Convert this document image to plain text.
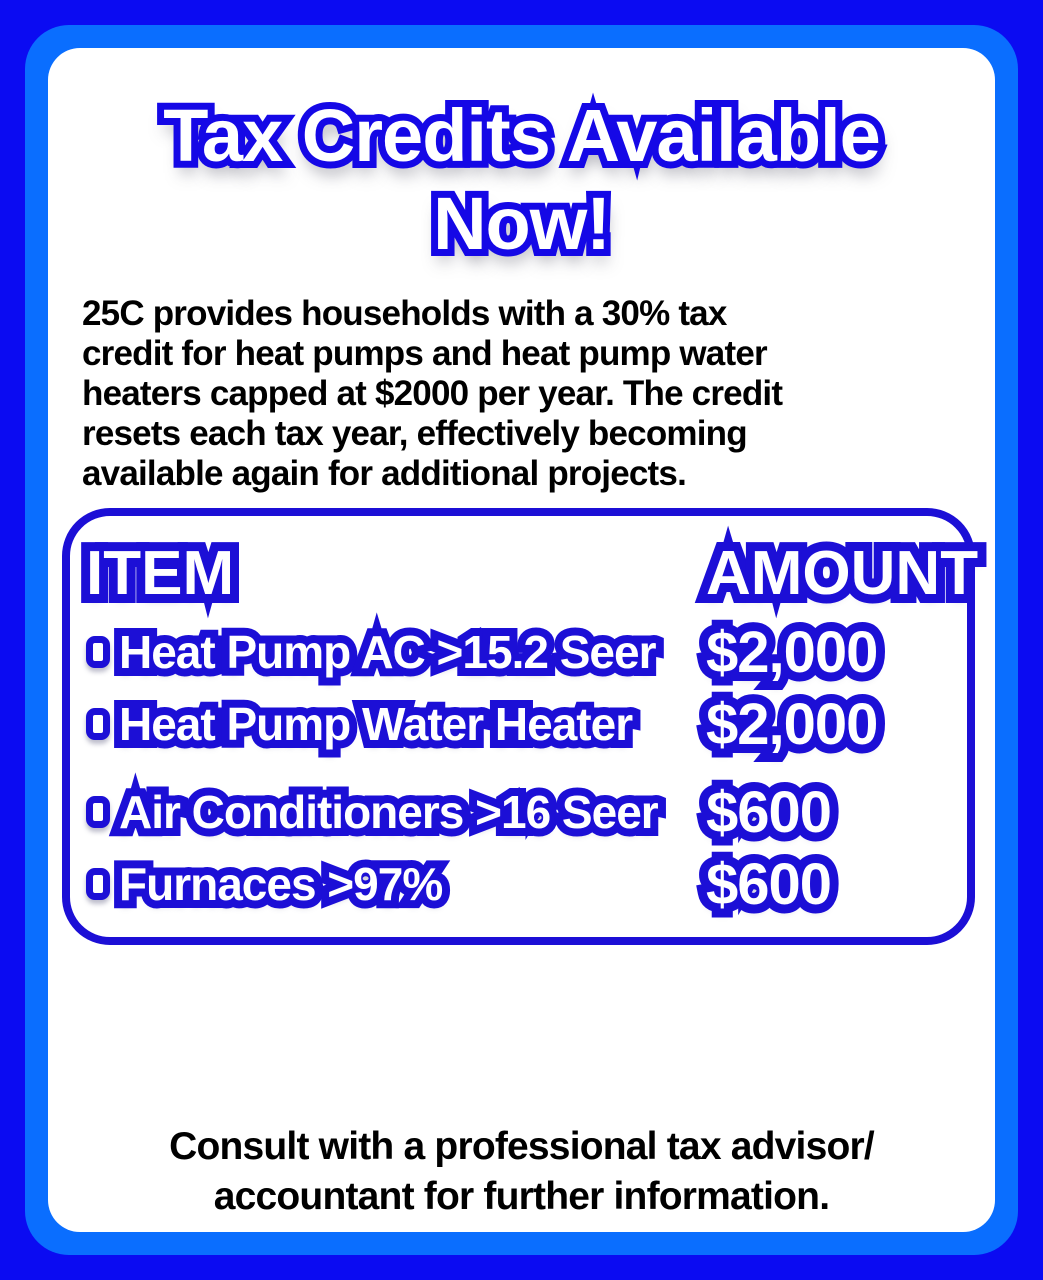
Tax Credits Available Tax Credits Available
Now! Now!
25C provides households with a 30% tax
credit for heat pumps and heat pump water
heaters capped at $2000 per year. The credit
resets each tax year, effectively becoming
available again for additional projects.
ITEM ITEM	AMOUNT AMOUNT
Heat Pump AC >15.2 Seer Heat Pump AC >15.2 Seer $2,000 $2,000
Heat Pump Water Heater Heat Pump Water Heater $2,000 $2,000
Air Conditioners >16 Seer Air Conditioners >16 Seer $600 $600
Furnaces >97% Furnaces >97%	$600 $600
Consult with a professional tax advisor/
accountant for further information.
